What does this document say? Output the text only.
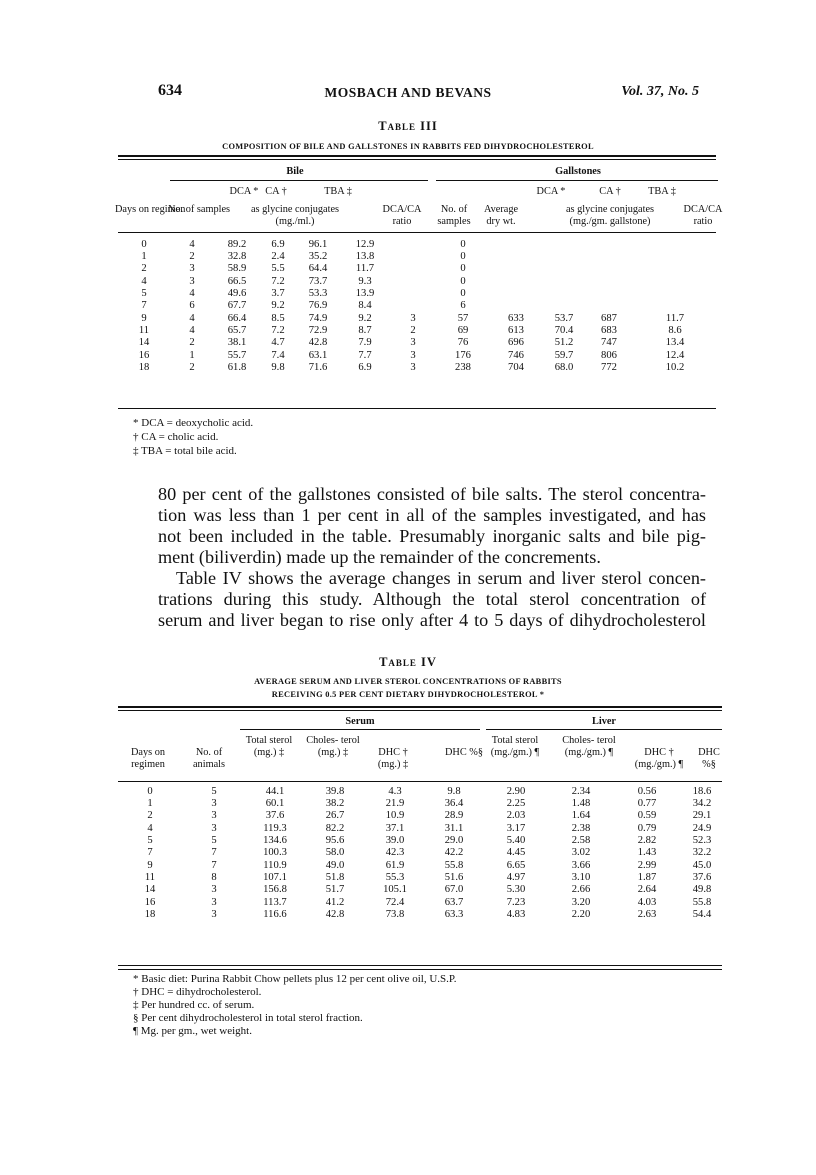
634	MOSBACH AND BEVANS	Vol. 37, No. 5
Table III
COMPOSITION OF BILE AND GALLSTONES IN RABBITS FED DIHYDROCHOLESTEROL
Bile	Gallstones
Days on regimen
No. of samples
DCA * CA †	TBA ‡
as glycine conjugates
(mg./ml.)
DCA/CA ratio
No. of samples
Average dry wt.
DCA *	CA †	TBA ‡
as glycine conjugates
(mg./gm. gallstone)
DCA/CA ratio
0	4	89.2	6.9	96.1	12.9		0				
1	2	32.8	2.4	35.2	13.8		0				
2	3	58.9	5.5	64.4	11.7		0				
4	3	66.5	7.2	73.7	9.3		0				
5	4	49.6	3.7	53.3	13.9		0				
7	6	67.7	9.2	76.9	8.4		6				
9	4	66.4	8.5	74.9	9.2	3	57	633	53.7	687	11.7
11	4	65.7	7.2	72.9	8.7	2	69	613	70.4	683	8.6
14	2	38.1	4.7	42.8	7.9	3	76	696	51.2	747	13.4
16	1	55.7	7.4	63.1	7.7	3	176	746	59.7	806	12.4
18	2	61.8	9.8	71.6	6.9	3	238	704	68.0	772	10.2
* DCA = deoxycholic acid.
† CA = cholic acid.
‡ TBA = total bile acid.
80 per cent of the gallstones consisted of bile salts. The sterol concentra-
tion was less than 1 per cent in all of the samples investigated, and has
not been included in the table. Presumably inorganic salts and bile pig-
ment (biliverdin) made up the remainder of the concrements.
Table IV shows the average changes in serum and liver sterol concen-
trations during this study. Although the total sterol concentration of
serum and liver began to rise only after 4 to 5 days of dihydrocholesterol
Table IV
AVERAGE SERUM AND LIVER STEROL CONCENTRATIONS OF RABBITS
RECEIVING 0.5 PER CENT DIETARY DIHYDROCHOLESTEROL *
Serum	Liver
Days on regimen
No. of animals
Total sterol (mg.) ‡
Choles- terol (mg.) ‡	DHC † (mg.) ‡
DHC %§
Total sterol (mg./gm.) ¶
Choles- terol (mg./gm.) ¶	DHC † (mg./gm.) ¶
DHC %§
0	5	44.1	39.8	4.3	9.8	2.90	2.34	0.56	18.6
1	3	60.1	38.2	21.9	36.4	2.25	1.48	0.77	34.2
2	3	37.6	26.7	10.9	28.9	2.03	1.64	0.59	29.1
4	3	119.3	82.2	37.1	31.1	3.17	2.38	0.79	24.9
5	5	134.6	95.6	39.0	29.0	5.40	2.58	2.82	52.3
7	7	100.3	58.0	42.3	42.2	4.45	3.02	1.43	32.2
9	7	110.9	49.0	61.9	55.8	6.65	3.66	2.99	45.0
11	8	107.1	51.8	55.3	51.6	4.97	3.10	1.87	37.6
14	3	156.8	51.7	105.1	67.0	5.30	2.66	2.64	49.8
16	3	113.7	41.2	72.4	63.7	7.23	3.20	4.03	55.8
18	3	116.6	42.8	73.8	63.3	4.83	2.20	2.63	54.4
* Basic diet: Purina Rabbit Chow pellets plus 12 per cent olive oil, U.S.P.
† DHC = dihydrocholesterol.
‡ Per hundred cc. of serum.
§ Per cent dihydrocholesterol in total sterol fraction.
¶ Mg. per gm., wet weight.
